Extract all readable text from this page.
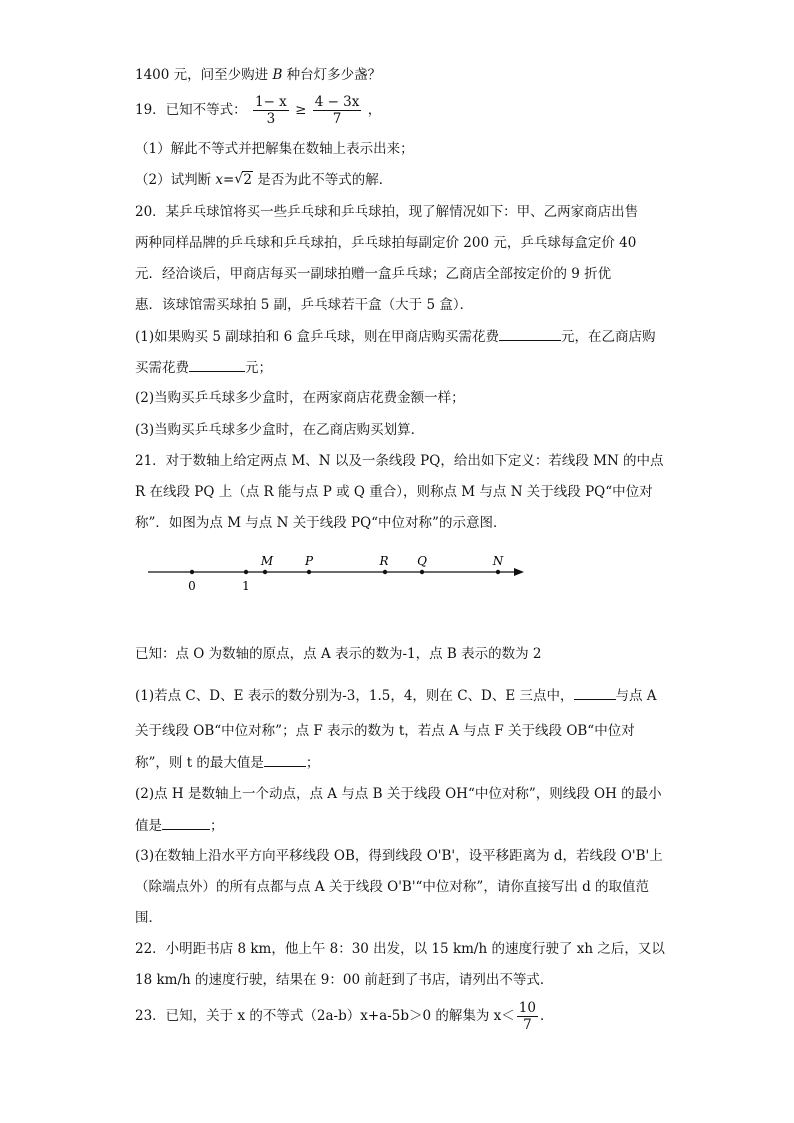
1400 元，问至少购进 B 种台灯多少盏？
19．已知不等式： $\frac{1- x}{3} \ge \frac{4 - 3x}{7}$ ，
（1）解此不等式并把解集在数轴上表示出来；
（2）试判断 x= √ 2 是否为此不等式的解．
20．某乒乓球馆将买一些乒乓球和乒乓球拍，现了解情况如下：甲、乙两家商店出售
两种同样品牌的乒乓球和乒乓球拍，乒乓球拍每副定价 200 元，乒乓球每盒定价 40
元．经洽谈后，甲商店每买一副球拍赠一盒乒乓球；乙商店全部按定价的 9 折优
惠．该球馆需买球拍 5 副，乒乓球若干盒（大于 5 盒）．
(1)如果购买 5 副球拍和 6 盒乒乓球，则在甲商店购买需花费	元，在乙商店购
买需花费	元；
(2)当购买乒乓球多少盒时，在两家商店花费金额一样；
(3)当购买乒乓球多少盒时，在乙商店购买划算．
21．对于数轴上给定两点 M、N 以及一条线段 PQ，给出如下定义：若线段 MN 的中点
R 在线段 PQ 上（点 R 能与点 P 或 Q 重合），则称点 M 与点 N 关于线段 PQ“中位对
称”．如图为点 M 与点 N 关于线段 PQ“中位对称”的示意图．
0	1
M	P	R Q	N
已知：点 O 为数轴的原点，点 A 表示的数为-1，点 B 表示的数为 2
(1)若点 C、D、E 表示的数分别为-3，1.5，4，则在 C、D、E 三点中，	与点 A
关于线段 OB“中位对称”；点 F 表示的数为 t，若点 A 与点 F 关于线段 OB“中位对
称”，则 t 的最大值是	；
(2)点 H 是数轴上一个动点，点 A 与点 B 关于线段 OH“中位对称”，则线段 OH 的最小
值是	；
(3)在数轴上沿水平方向平移线段 OB，得到线段 O'B'，设平移距离为 d，若线段 O'B'上
（除端点外）的所有点都与点 A 关于线段 O'B'“中位对称”，请你直接写出 d 的取值范
围．
22．小明距书店 8 km，他上午 8：30 出发，以 15 km/h 的速度行驶了 xh 之后，又以
18 km/h 的速度行驶，结果在 9：00 前赶到了书店，请列出不等式．
23．已知，关于 x 的不等式（2a-b）x+a-5b＞0 的解集为 $x< \frac{10}{7}$ ．
